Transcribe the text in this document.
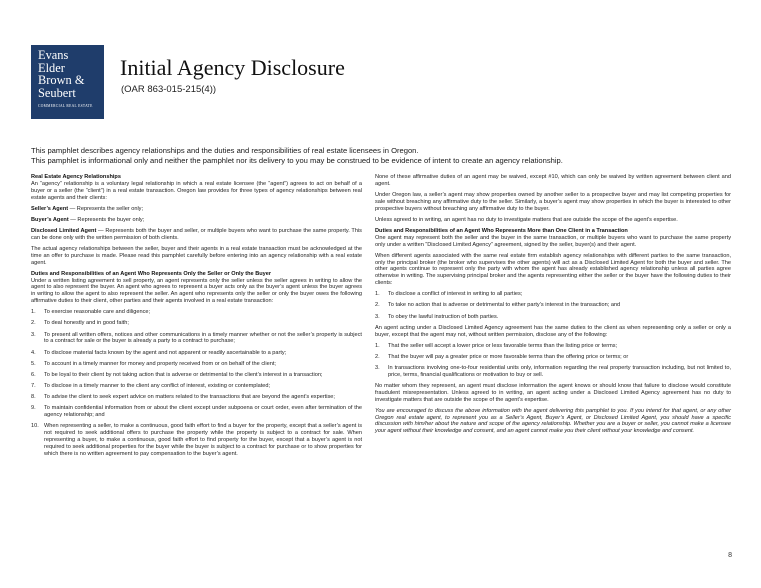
Evans
Elder
Brown &
Seubert
COMMERCIAL REAL ESTATE
Initial Agency Disclosure
(OAR 863-015-215(4))
This pamphlet describes agency relationships and the duties and responsibilities of real estate licensees in Oregon.
This pamphlet is informational only and neither the pamphlet nor its delivery to you may be construed to be evidence of intent to create an agency relationship.
Real Estate Agency Relationships

An “agency” relationship is a voluntary legal relationship in which a real estate licensee (the “agent”) agrees to act on behalf of a buyer or a seller (the “client”) in a real estate transaction. Oregon law provides for three types of agency relationships between real estate agents and their clients:

Seller’s Agent — Represents the seller only;

Buyer’s Agent — Represents the buyer only;

Disclosed Limited Agent — Represents both the buyer and seller, or multiple buyers who want to purchase the same property. This can be done only with the written permission of both clients.

The actual agency relationships between the seller, buyer and their agents in a real estate transaction must be acknowledged at the time an offer to purchase is made. Please read this pamphlet carefully before entering into an agency relationship with a real estate agent.

Duties and Responsibilities of an Agent Who Represents Only the Seller or Only the Buyer

Under a written listing agreement to sell property, an agent represents only the seller unless the seller agrees in writing to allow the agent to also represent the buyer. An agent who agrees to represent a buyer acts only as the buyer’s agent unless the buyer agrees in writing to allow the agent to also represent the seller. An agent who represents only the seller or only the buyer owes the following affirmative duties to their client, other parties and their agents involved in a real estate transaction:

1. To exercise reasonable care and diligence;
2. To deal honestly and in good faith;
3. To present all written offers, notices and other communications in a timely manner whether or not the seller’s property is subject to a contract for sale or the buyer is already a party to a contract to purchase;
4. To disclose material facts known by the agent and not apparent or readily ascertainable to a party;
5. To account in a timely manner for money and property received from or on behalf of the client;
6. To be loyal to their client by not taking action that is adverse or detrimental to the client’s interest in a transaction;
7. To disclose in a timely manner to the client any conflict of interest, existing or contemplated;
8. To advise the client to seek expert advice on matters related to the transactions that are beyond the agent’s expertise;
9. To maintain confidential information from or about the client except under subpoena or court order, even after termination of the agency relationship; and
10. When representing a seller, to make a continuous, good faith effort to find a buyer for the property, except that a seller’s agent is not required to seek additional offers to purchase the property while the property is subject to a contract for sale. When representing a buyer, to make a continuous, good faith effort to find property for the buyer, except that a buyer’s agent is not required to seek additional properties for the buyer while the buyer is subject to a contract for purchase or to show properties for which there is no written agreement to pay compensation to the buyer’s agent.

None of these affirmative duties of an agent may be waived, except #10, which can only be waived by written agreement between client and agent.

Under Oregon law, a seller’s agent may show properties owned by another seller to a prospective buyer and may list competing properties for sale without breaching any affirmative duty to the seller. Similarly, a buyer’s agent may show properties in which the buyer is interested to other prospective buyers without breaching any affirmative duty to the buyer.

Unless agreed to in writing, an agent has no duty to investigate matters that are outside the scope of the agent’s expertise.

Duties and Responsibilities of an Agent Who Represents More than One Client in a Transaction

One agent may represent both the seller and the buyer in the same transaction, or multiple buyers who want to purchase the same property only under a written “Disclosed Limited Agency” agreement, signed by the seller, buyer(s) and their agent.

When different agents associated with the same real estate firm establish agency relationships with different parties to the same transaction, only the principal broker (the broker who supervises the other agents) will act as a Disclosed Limited Agent for both the buyer and seller. The other agents continue to represent only the party with whom the agent has already established agency relationship unless all parties agree otherwise in writing. The supervising principal broker and the agents representing either the seller or the buyer have the following duties to their clients:

1. To disclose a conflict of interest in writing to all parties;
2. To take no action that is adverse or detrimental to either party’s interest in the transaction; and
3. To obey the lawful instruction of both parties.

An agent acting under a Disclosed Limited Agency agreement has the same duties to the client as when representing only a seller or only a buyer, except that the agent may not, without written permission, disclose any of the following:

1. That the seller will accept a lower price or less favorable terms than the listing price or terms;
2. That the buyer will pay a greater price or more favorable terms than the offering price or terms; or
3. In transactions involving one-to-four residential units only, information regarding the real property transaction including, but not limited to, price, terms, financial qualifications or motivation to buy or sell.

No matter whom they represent, an agent must disclose information the agent knows or should know that failure to disclose would constitute fraudulent misrepresentation. Unless agreed to in writing, an agent acting under a Disclosed Limited Agency agreement has no duty to investigate matters that are outside the scope of the agent’s expertise.

You are encouraged to discuss the above information with the agent delivering this pamphlet to you. If you intend for that agent, or any other Oregon real estate agent, to represent you as a Seller’s Agent, Buyer’s Agent, or Disclosed Limited Agent, you should have a specific discussion with him/her about the nature and scope of the agency relationship. Whether you are a buyer or seller, you cannot make a licensee your agent without their knowledge and consent, and an agent cannot make you their client without your knowledge and consent.

8
